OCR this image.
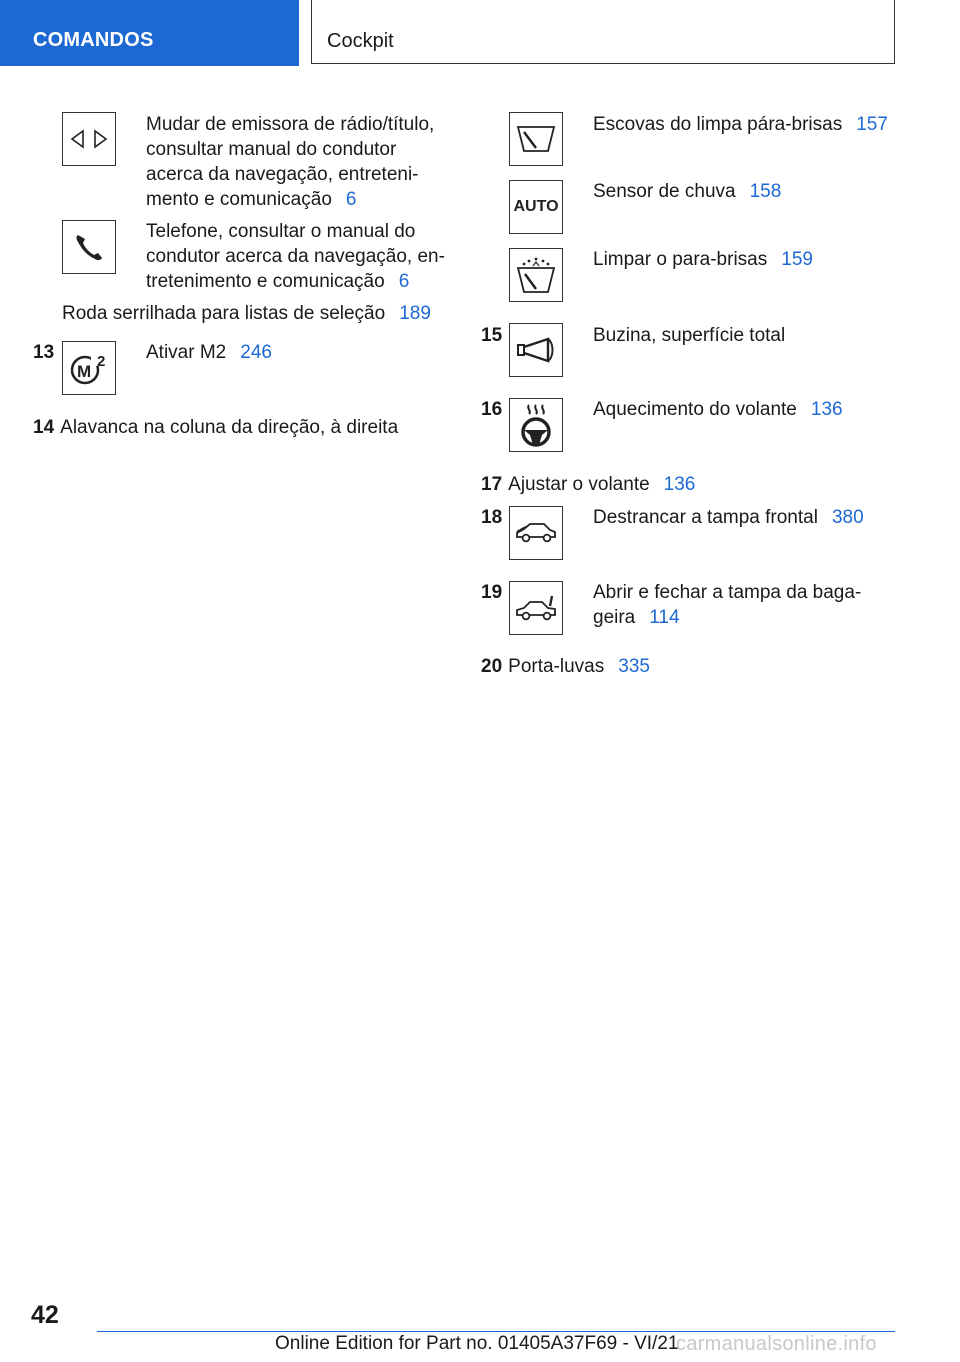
COMANDOS	Cockpit
Mudar de emissora de rádio/título,
consultar manual do condutor
acerca da navegação, entreteni-
mento e comunicação 6
Telefone, consultar o manual do
condutor acerca da navegação, en-
tretenimento e comunicação 6
Roda serrilhada para listas de seleção 189
13
M
2 Ativar M2 246
14 Alavanca na coluna da direção, à direita
Escovas do limpa pára-brisas 157
AUTO
Sensor de chuva 158
Limpar o para-brisas 159
15	Buzina, superfície total
16	Aquecimento do volante 136
17 Ajustar o volante 136
18	Destrancar a tampa frontal 380
19	Abrir e fechar a tampa da baga-
geira 114
20 Porta-luvas 335
42
Online Edition for Part no. 01405A37F69 - VI/21
carmanualsonline.info
